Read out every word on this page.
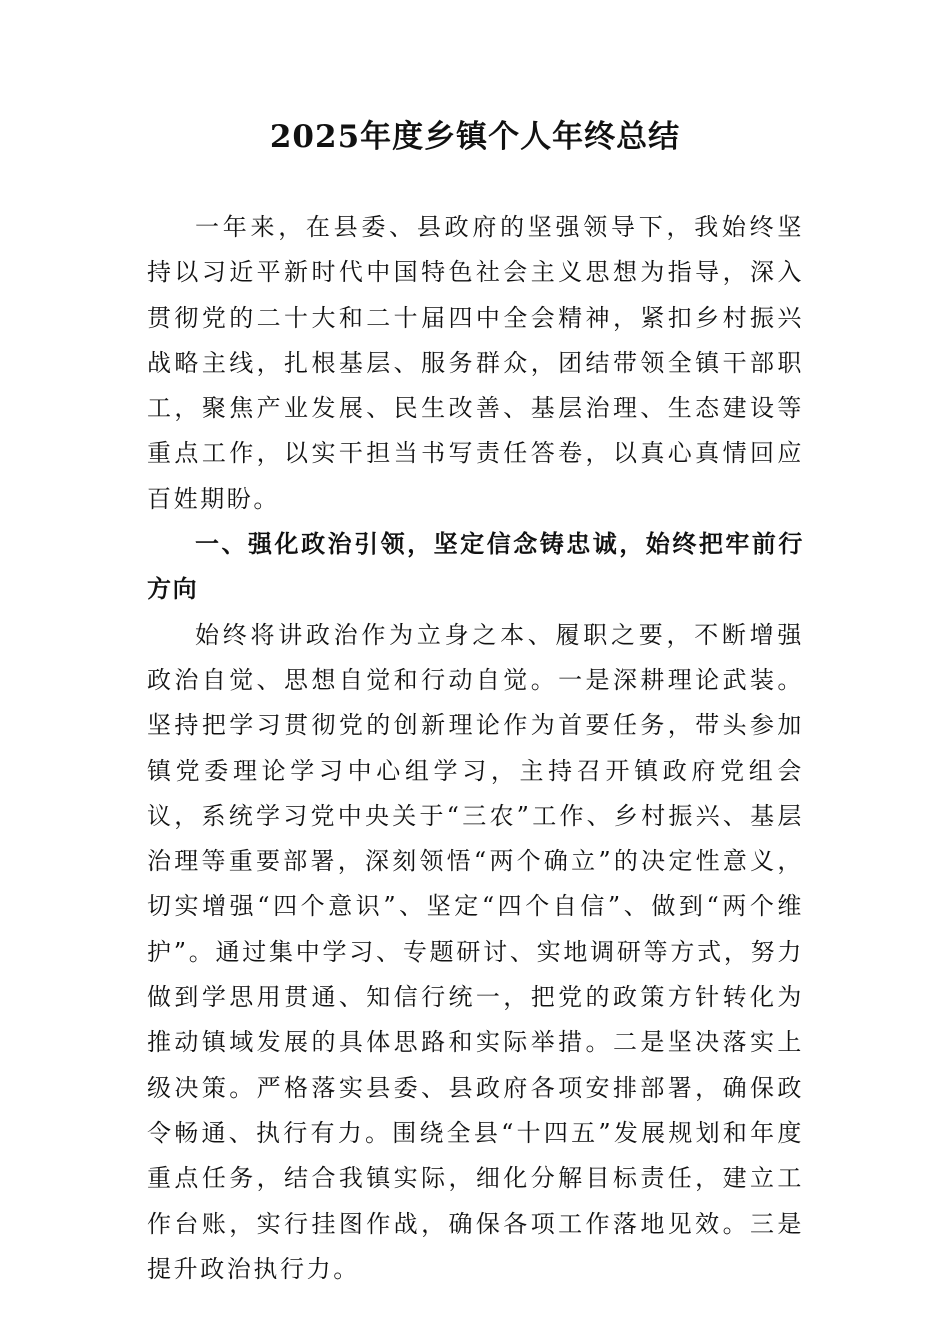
2025年度乡镇个人年终总结

一年来，在县委、县政府的坚强领导下，我始终坚持以习近平新时代中国特色社会主义思想为指导，深入贯彻党的二十大和二十届四中全会精神，紧扣乡村振兴战略主线，扎根基层、服务群众，团结带领全镇干部职工，聚焦产业发展、民生改善、基层治理、生态建设等重点工作，以实干担当书写责任答卷，以真心真情回应百姓期盼。

一、强化政治引领，坚定信念铸忠诚，始终把牢前行方向

始终将讲政治作为立身之本、履职之要，不断增强政治自觉、思想自觉和行动自觉。一是深耕理论武装。坚持把学习贯彻党的创新理论作为首要任务，带头参加镇党委理论学习中心组学习，主持召开镇政府党组会议，系统学习党中央关于“三农”工作、乡村振兴、基层治理等重要部署，深刻领悟“两个确立”的决定性意义，切实增强“四个意识”、坚定“四个自信”、做到“两个维护”。通过集中学习、专题研讨、实地调研等方式，努力做到学思用贯通、知信行统一，把党的政策方针转化为推动镇域发展的具体思路和实际举措。二是坚决落实上级决策。严格落实县委、县政府各项安排部署，确保政令畅通、执行有力。围绕全县“十四五”发展规划和年度重点任务，结合我镇实际，细化分解目标责任，建立工作台账，实行挂图作战，确保各项工作落地见效。三是提升政治执行力。
